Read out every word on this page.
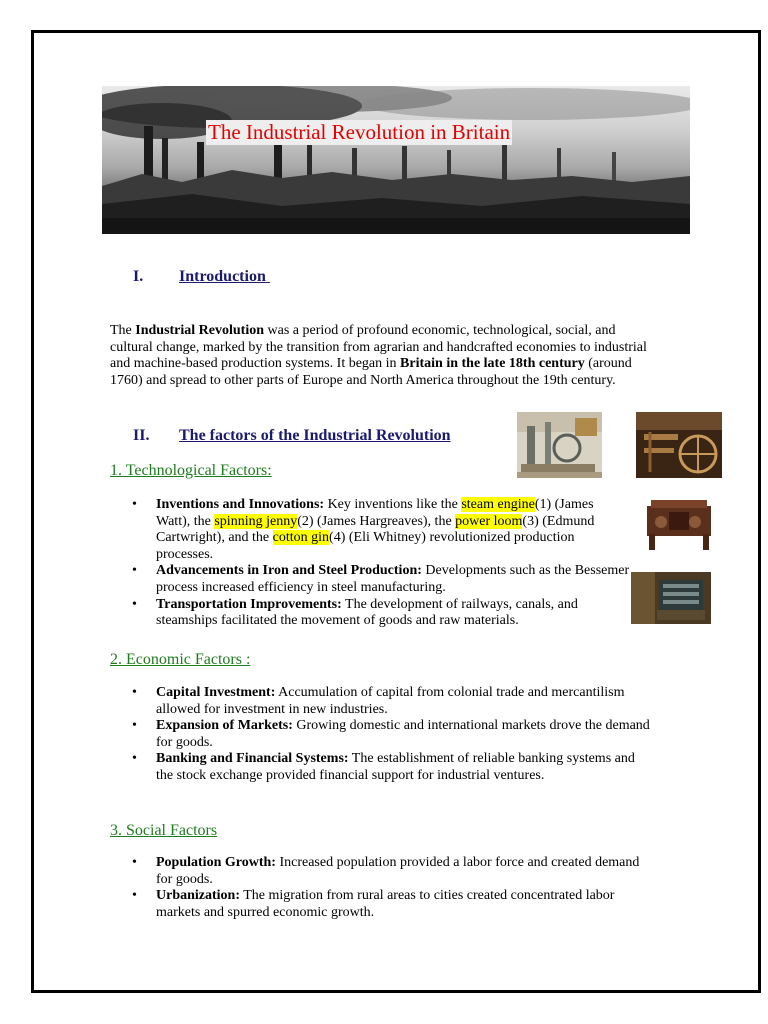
The Industrial Revolution in Britain
I. Introduction
The Industrial Revolution was a period of profound economic, technological, social, and cultural change, marked by the transition from agrarian and handcrafted economies to industrial and machine-based production systems. It began in Britain in the late 18th century (around 1760) and spread to other parts of Europe and North America throughout the 19th century.
II. The factors of the Industrial Revolution
1. Technological Factors:
• Inventions and Innovations: Key inventions like the steam engine(1) (James Watt), the spinning jenny(2) (James Hargreaves), the power loom(3) (Edmund Cartwright), and the cotton gin(4) (Eli Whitney) revolutionized production processes.
• Advancements in Iron and Steel Production: Developments such as the Bessemer process increased efficiency in steel manufacturing.
• Transportation Improvements: The development of railways, canals, and steamships facilitated the movement of goods and raw materials.
2. Economic Factors :
• Capital Investment: Accumulation of capital from colonial trade and mercantilism allowed for investment in new industries.
• Expansion of Markets: Growing domestic and international markets drove the demand for goods.
• Banking and Financial Systems: The establishment of reliable banking systems and the stock exchange provided financial support for industrial ventures.
3. Social Factors
• Population Growth: Increased population provided a labor force and created demand for goods.
• Urbanization: The migration from rural areas to cities created concentrated labor markets and spurred economic growth.
